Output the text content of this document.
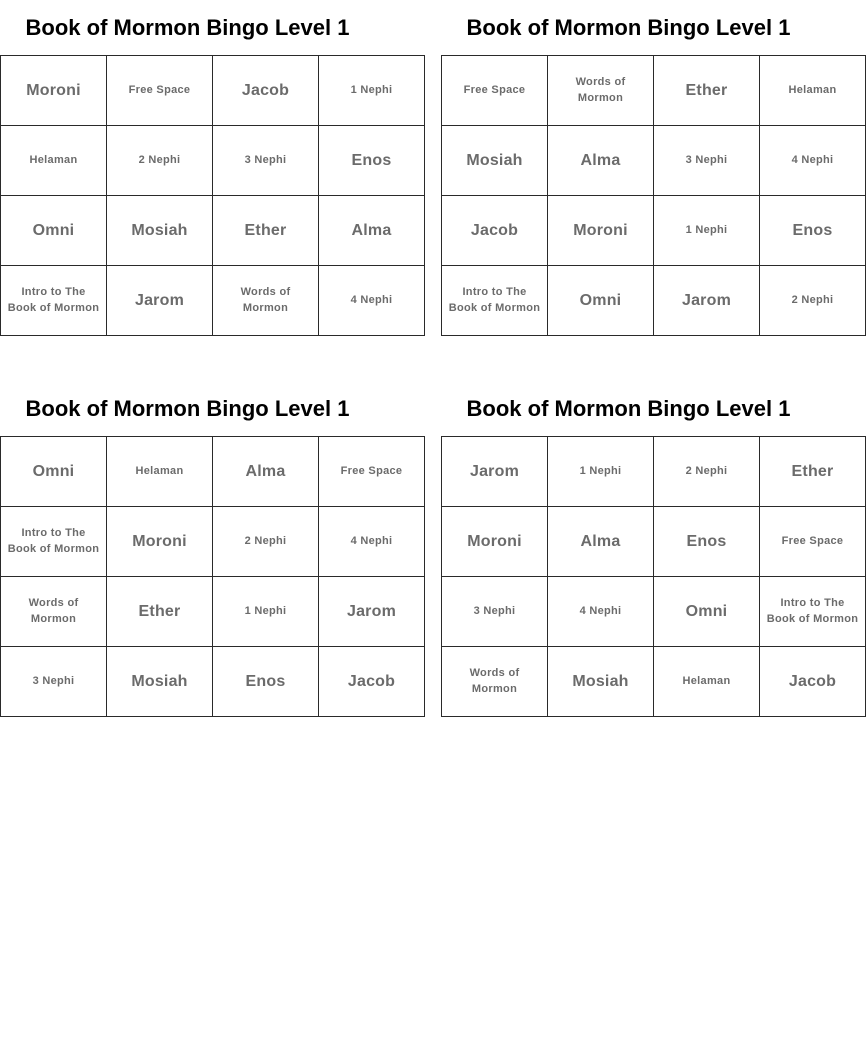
Book of Mormon Bingo Level 1
Moroni	Free Space	Jacob	1 Nephi
Helaman	2 Nephi	3 Nephi	Enos
Omni	Mosiah	Ether	Alma
Intro to The Book of Mormon	Jarom	Words of Mormon	4 Nephi
Book of Mormon Bingo Level 1
Free Space	Words of Mormon	Ether	Helaman
Mosiah	Alma	3 Nephi	4 Nephi
Jacob	Moroni	1 Nephi	Enos
Intro to The Book of Mormon	Omni	Jarom	2 Nephi
Book of Mormon Bingo Level 1
Omni	Helaman	Alma	Free Space
Intro to The Book of Mormon	Moroni	2 Nephi	4 Nephi
Words of Mormon	Ether	1 Nephi	Jarom
3 Nephi	Mosiah	Enos	Jacob
Book of Mormon Bingo Level 1
Jarom	1 Nephi	2 Nephi	Ether
Moroni	Alma	Enos	Free Space
3 Nephi	4 Nephi	Omni	Intro to The Book of Mormon
Words of Mormon	Mosiah	Helaman	Jacob
